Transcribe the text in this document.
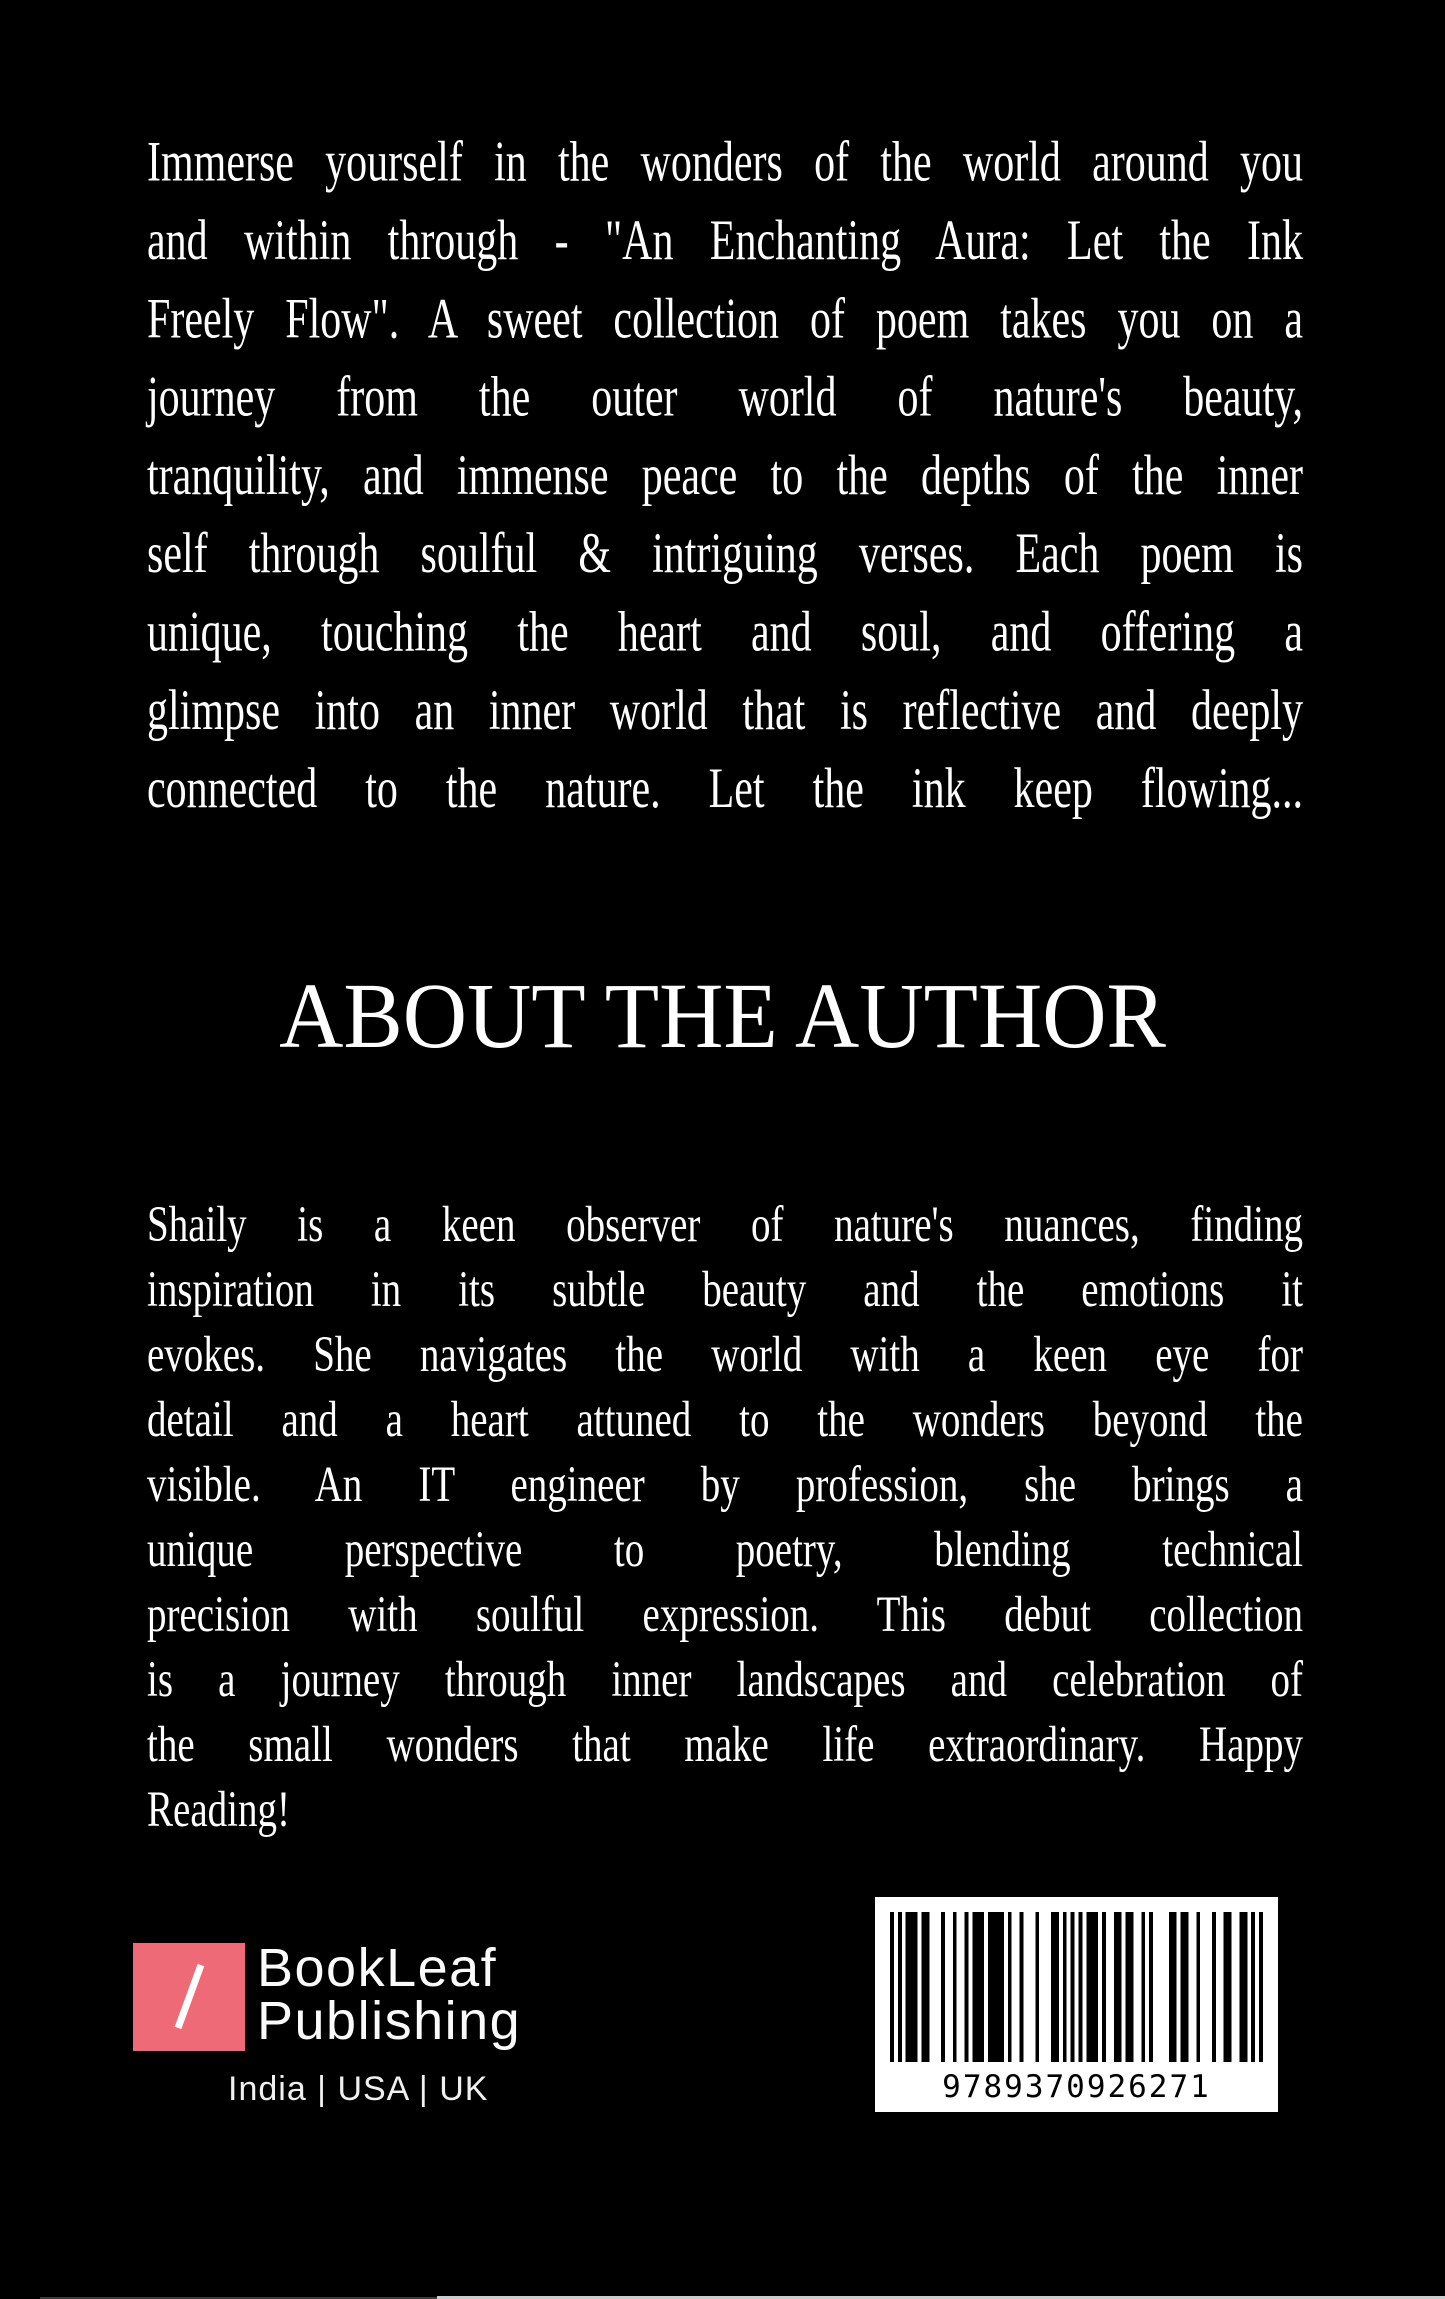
Immerse yourself in the wonders of the world around you
and within through - "An Enchanting Aura: Let the Ink
Freely Flow". A sweet collection of poem takes you on a
journey from the outer world of nature's beauty,
tranquility, and immense peace to the depths of the inner
self through soulful & intriguing verses. Each poem is
unique, touching the heart and soul, and offering a
glimpse into an inner world that is reflective and deeply
connected to the nature. Let the ink keep flowing...
ABOUT THE AUTHOR
Shaily is a keen observer of nature's nuances, finding
inspiration in its subtle beauty and the emotions it
evokes. She navigates the world with a keen eye for
detail and a heart attuned to the wonders beyond the
visible. An IT engineer by profession, she brings a
unique perspective to poetry, blending technical
precision with soulful expression. This debut collection
is a journey through inner landscapes and celebration of
the small wonders that make life extraordinary. Happy
Reading!
BookLeaf
Publishing
India | USA | UK	9789370926271
